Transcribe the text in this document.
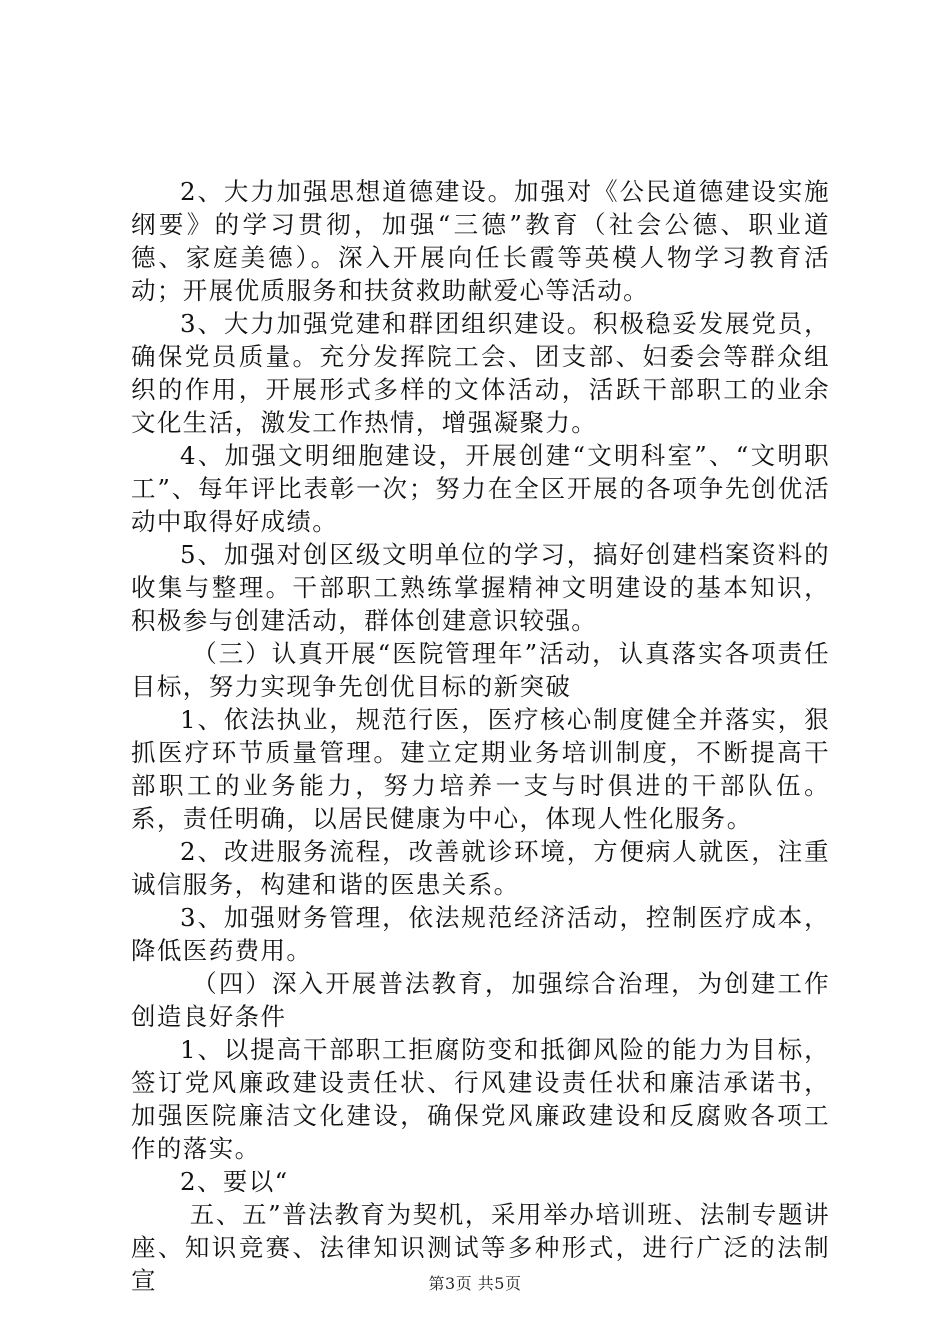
2、大力加强思想道德建设。加强对《公民道德建设实施纲要》的学习贯彻，加强“三德”教育（社会公德、职业道德、家庭美德）。深入开展向任长霞等英模人物学习教育活动；开展优质服务和扶贫救助献爱心等活动。

3、大力加强党建和群团组织建设。积极稳妥发展党员，确保党员质量。充分发挥院工会、团支部、妇委会等群众组织的作用，开展形式多样的文体活动，活跃干部职工的业余文化生活，激发工作热情，增强凝聚力。

4、加强文明细胞建设，开展创建“文明科室”、“文明职工”、每年评比表彰一次；努力在全区开展的各项争先创优活动中取得好成绩。

5、加强对创区级文明单位的学习，搞好创建档案资料的收集与整理。干部职工熟练掌握精神文明建设的基本知识，积极参与创建活动，群体创建意识较强。

（三）认真开展“医院管理年”活动，认真落实各项责任目标，努力实现争先创优目标的新突破

1、依法执业，规范行医，医疗核心制度健全并落实，狠抓医疗环节质量管理。建立定期业务培训制度，不断提高干部职工的业务能力，努力培养一支与时俱进的干部队伍。系，责任明确，以居民健康为中心，体现人性化服务。

2、改进服务流程，改善就诊环境，方便病人就医，注重诚信服务，构建和谐的医患关系。

3、加强财务管理，依法规范经济活动，控制医疗成本，降低医药费用。

（四）深入开展普法教育，加强综合治理，为创建工作创造良好条件

1、以提高干部职工拒腐防变和抵御风险的能力为目标，签订党风廉政建设责任状、行风建设责任状和廉洁承诺书，加强医院廉洁文化建设，确保党风廉政建设和反腐败各项工作的落实。

2、要以“

五、五”普法教育为契机，采用举办培训班、法制专题讲座、知识竞赛、法律知识测试等多种形式，进行广泛的法制宣	第3页 共5页
